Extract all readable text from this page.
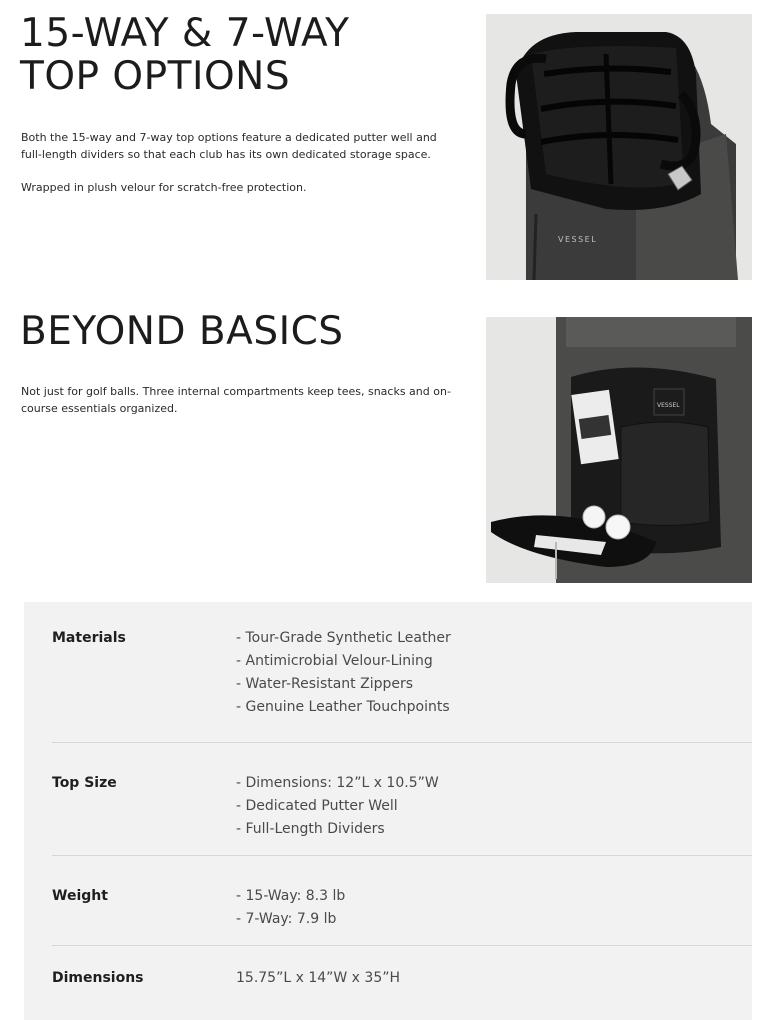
15-WAY & 7-WAY
TOP OPTIONS

Both the 15-way and 7-way top options feature a dedicated putter well and full-length dividers so that each club has its own dedicated storage space.

Wrapped in plush velour for scratch-free protection.

VESSEL
BEYOND BASICS

Not just for golf balls. Three internal compartments keep tees, snacks and on-course essentials organized.	VESSEL
Materials	- Tour-Grade Synthetic Leather
- Antimicrobial Velour-Lining
- Water-Resistant Zippers
- Genuine Leather Touchpoints
Top Size	- Dimensions: 12”L x 10.5”W
- Dedicated Putter Well
- Full-Length Dividers
Weight	- 15-Way: 8.3 lb
- 7-Way: 7.9 lb
Dimensions	15.75”L x 14”W x 35”H
